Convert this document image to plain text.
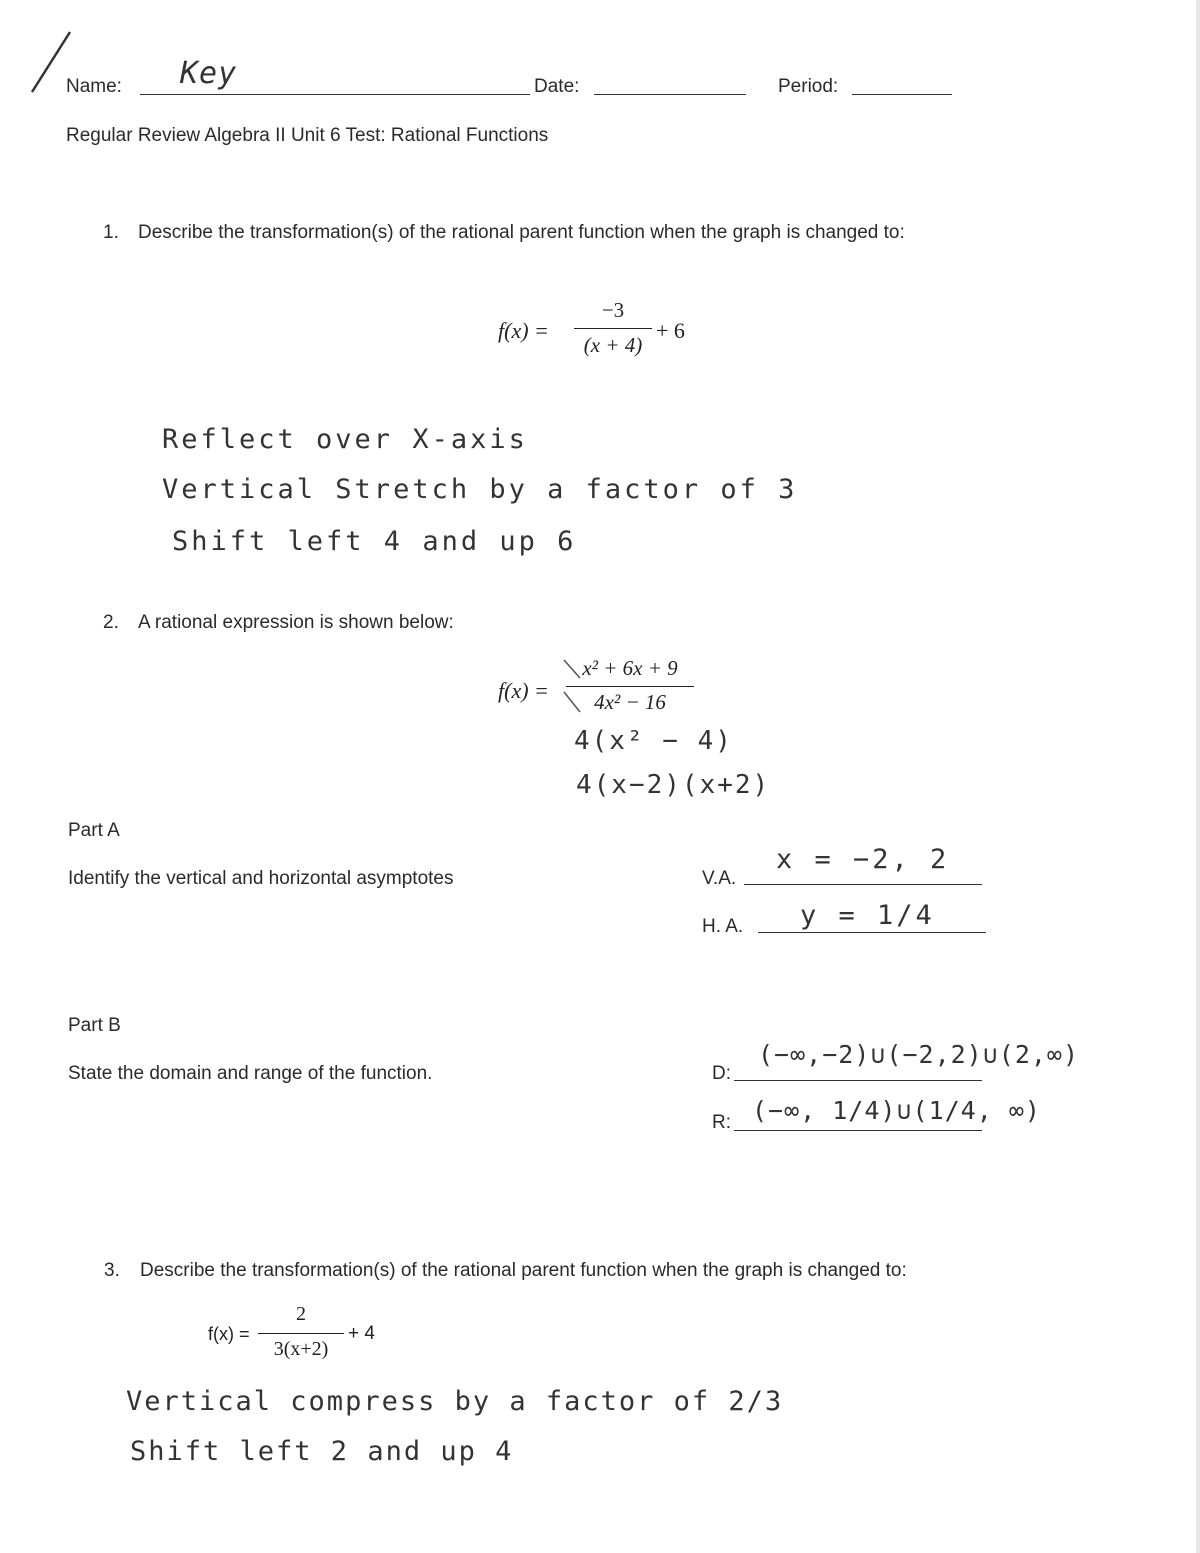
Name: Key	Date:	Period:
Regular Review Algebra II Unit 6 Test: Rational Functions
1. Describe the transformation(s) of the rational parent function when the graph is changed to:
f(x) =
−3
(x + 4)
+ 6
Reflect over X-axis
Vertical Stretch by a factor of 3
Shift left 4 and up 6
2. A rational expression is shown below:
f(x) =
x² + 6x + 9
4x² − 16
4(x² − 4)
4(x−2)(x+2)
Part A
Identify the vertical and horizontal asymptotes	V.A.
x = −2, 2
H. A. y = 1/4
Part B
State the domain and range of the function.	D:
(−∞,−2)∪(−2,2)∪(2,∞)
R: (−∞, 1/4)∪(1/4, ∞)
3. Describe the transformation(s) of the rational parent function when the graph is changed to:
f(x) =
2
3(x+2)
+ 4
Vertical compress by a factor of 2/3
Shift left 2 and up 4
